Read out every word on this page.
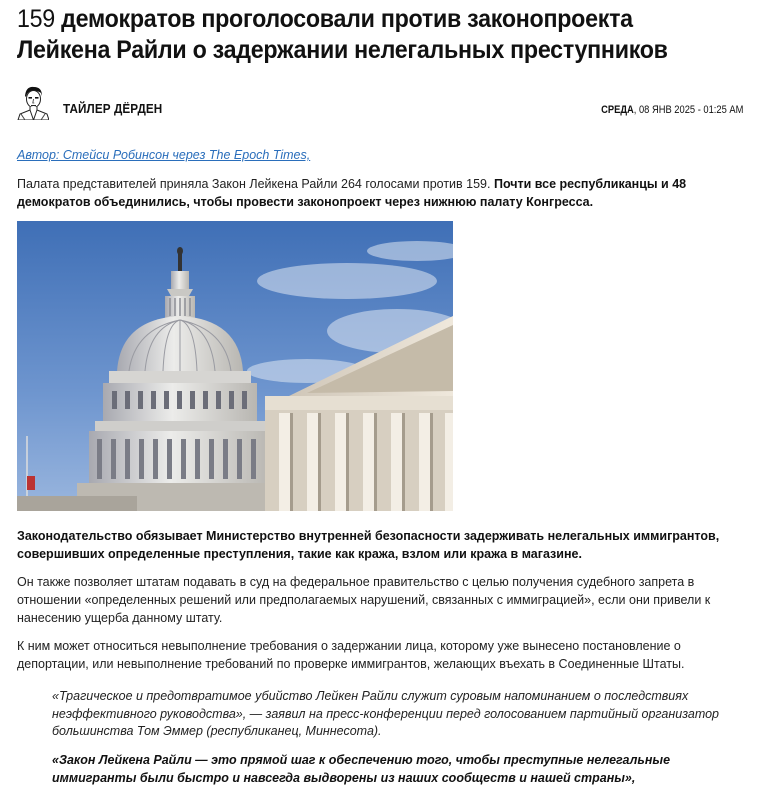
159 демократов проголосовали против законопроекта Лейкена Райли о задержании нелегальных преступников
ТАЙЛЕР ДЁРДЕН	СРЕДА, 08 ЯНВ 2025 - 01:25 AM
Автор: Стейси Робинсон через The Epoch Times,

Палата представителей приняла Закон Лейкена Райли 264 голосами против 159. Почти все республиканцы и 48 демократов объединились, чтобы провести законопроект через нижнюю палату Конгресса.

Законодательство обязывает Министерство внутренней безопасности задерживать нелегальных иммигрантов, совершивших определенные преступления, такие как кража, взлом или кража в магазине.

Он также позволяет штатам подавать в суд на федеральное правительство с целью получения судебного запрета в отношении «определенных решений или предполагаемых нарушений, связанных с иммиграцией», если они привели к нанесению ущерба данному штату.

К ним может относиться невыполнение требования о задержании лица, которому уже вынесено постановление о депортации, или невыполнение требований по проверке иммигрантов, желающих въехать в Соединенные Штаты.

«Трагическое и предотвратимое убийство Лейкен Райли служит суровым напоминанием о последствиях неэффективного руководства», — заявил на пресс-конференции перед голосованием партийный организатор большинства Том Эммер (республиканец, Миннесота).

«Закон Лейкена Райли — это прямой шаг к обеспечению того, чтобы преступные нелегальные иммигранты были быстро и навсегда выдворены из наших сообществ и нашей страны»,
